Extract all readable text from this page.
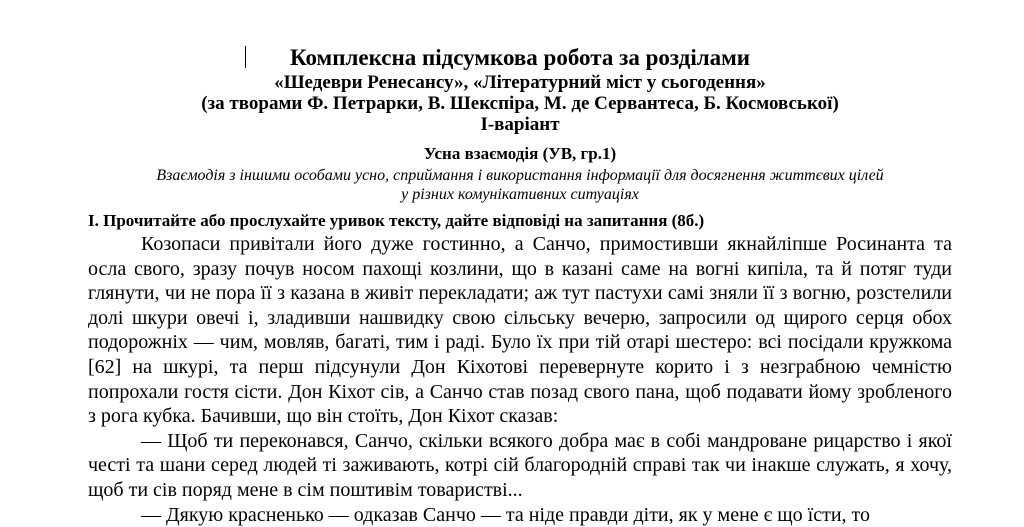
Комплексна підсумкова робота за розділами

«Шедеври Ренесансу», «Літературний міст у сьогодення»

(за творами Ф. Петрарки, В. Шекспіра, М. де Сервантеса, Б. Космовської)

І-варіант

Усна взаємодія (УВ, гр.1)

Взаємодія з іншими особами усно, сприймання і використання інформації для досягнення життєвих цілей
у різних комунікативних ситуаціях

І. Прочитайте або прослухайте уривок тексту, дайте відповіді на запитання (8б.)

Козопаси привітали його дуже гостинно, а Санчо, примостивши якнайліпше Росинанта та осла свого, зразу почув носом пахощі козлини, що в казані саме на вогні кипіла, та й потяг туди глянути, чи не пора її з казана в живіт перекладати; аж тут пастухи самі зняли її з вогню, розстелили долі шкури овечі і, зладивши нашвидку свою сільську вечерю, запросили од щирого серця обох подорожніх — чим, мовляв, багаті, тим і раді. Було їх при тій отарі шестеро: всі посідали кружкома [62] на шкурі, та перш підсунули Дон Кіхотові перевернуте корито і з незграбною чемністю попрохали гостя сісти. Дон Кіхот сів, а Санчо став позад свого пана, щоб подавати йому зробленого з рога кубка. Бачивши, що він стоїть, Дон Кіхот сказав:

— Щоб ти переконався, Санчо, скільки всякого добра має в собі мандроване рицарство і якої честі та шани серед людей ті заживають, котрі сій благородній справі так чи інакше служать, я хочу, щоб ти сів поряд мене в сім поштивім товаристві...

— Дякую красненько — одказав Санчо — та ніде правди діти, як у мене є що їсти, то
